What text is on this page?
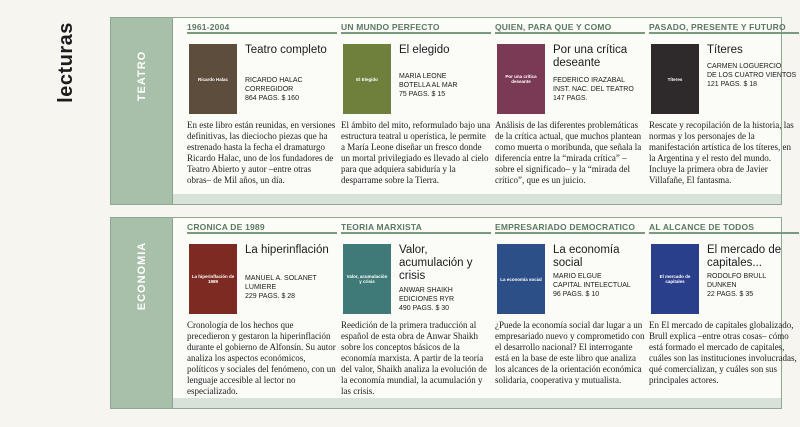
lecturas	TEATRO
1961-2004
Ricardo Halac
Teatro completo
RICARDO HALAC
CORREGIDOR
864 PAGS. $ 160
En este libro están reunidas, en versiones definitivas, las dieciocho piezas que ha estrenado hasta la fecha el dramaturgo Ricardo Halac, uno de los fundadores de Teatro Abierto y autor –entre otras obras– de Mil años, un día.
UN MUNDO PERFECTO
El Elegido
El elegido
MARIA LEONE
BOTELLA AL MAR
75 PAGS. $ 15
El ámbito del mito, reformulado bajo una estructura teatral u operística, le permite a María Leone diseñar un fresco donde un mortal privilegiado es llevado al cielo para que adquiera sabiduría y la desparrame sobre la Tierra.
QUIEN, PARA QUE Y COMO
Por una crítica deseante
Por una crítica deseante
FEDERICO IRAZABAL
INST. NAC. DEL TEATRO
147 PAGS.
Análisis de las diferentes problemáticas de la crítica actual, que muchos plantean como muerta o moribunda, que señala la diferencia entre la “mirada crítica” –sobre el significado– y la “mirada del crítico”, que es un juicio.
PASADO, PRESENTE Y FUTURO
Títeres
Títeres
CARMEN LOGUERCIO
DE LOS CUATRO VIENTOS
121 PAGS. $ 18
Rescate y recopilación de la historia, las normas y los personajes de la manifestación artística de los títeres, en la Argentina y el resto del mundo. Incluye la primera obra de Javier Villafañe, El fantasma.
ECONOMIA
CRONICA DE 1989
La hiperinflación de 1989
La hiperinflación
MANUEL A. SOLANET
LUMIERE
229 PAGS. $ 28
Cronología de los hechos que precedieron y gestaron la hiperinflación durante el gobierno de Alfonsín. Su autor analiza los aspectos económicos, políticos y sociales del fenómeno, con un lenguaje accesible al lector no especializado.
TEORIA MARXISTA
Valor, acumulación y crisis
Valor, acumulación y crisis
ANWAR SHAIKH
EDICIONES RYR
490 PAGS. $ 30
Reedición de la primera traducción al español de esta obra de Anwar Shaikh sobre los conceptos básicos de la economía marxista. A partir de la teoría del valor, Shaikh analiza la evolución de la economía mundial, la acumulación y las crisis.
EMPRESARIADO DEMOCRATICO
La economía social
La economía social
MARIO ELGUE
CAPITAL INTELECTUAL
96 PAGS. $ 10
¿Puede la economía social dar lugar a un empresariado nuevo y comprometido con el desarrollo nacional? El interrogante está en la base de este libro que analiza los alcances de la orientación económica solidaria, cooperativa y mutualista.
AL ALCANCE DE TODOS
El mercado de capitales
El mercado de capitales...
RODOLFO BRULL
DUNKEN
22 PAGS. $ 35
En El mercado de capitales globalizado, Brull explica –entre otras cosas– cómo está formado el mercado de capitales, cuáles son las instituciones involucradas, qué comercializan, y cuáles son sus principales actores.
